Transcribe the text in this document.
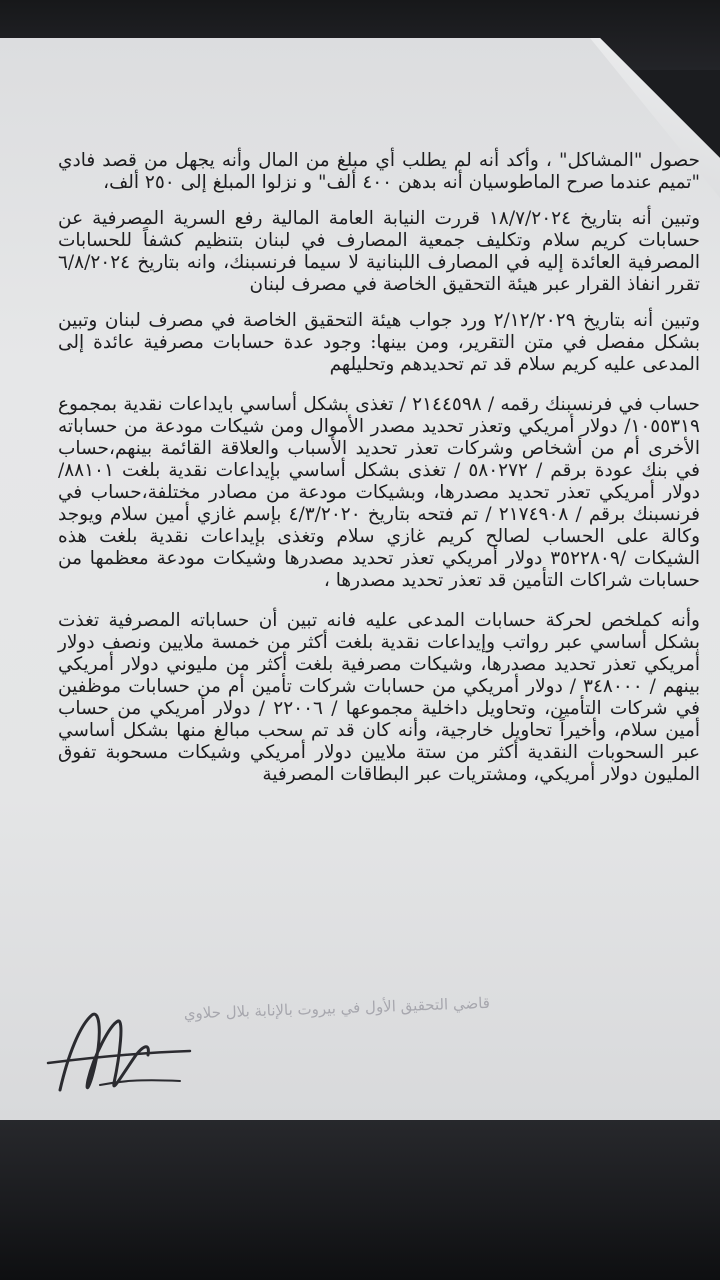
حصول "المشاكل" ، وأكد أنه لم يطلب أي مبلغ من المال وأنه يجهل من قصد فادي "تميم عندما صرح الماطوسيان أنه بدهن ٤٠٠ ألف" و نزلوا المبلغ إلى ٢٥٠ ألف،

وتبين أنه بتاريخ ١٨/٧/٢٠٢٤ قررت النيابة العامة المالية رفع السرية المصرفية عن حسابات كريم سلام وتكليف جمعية المصارف في لبنان بتنظيم كشفاً للحسابات المصرفية العائدة إليه في المصارف اللبنانية لا سيما فرنسبنك، وانه بتاريخ ٦/٨/٢٠٢٤ تقرر انفاذ القرار عبر هيئة التحقيق الخاصة في مصرف لبنان

وتبين أنه بتاريخ ٢/١٢/٢٠٢٩ ورد جواب هيئة التحقيق الخاصة في مصرف لبنان وتبين بشكل مفصل في متن التقرير، ومن بينها: وجود عدة حسابات مصرفية عائدة إلى المدعى عليه كريم سلام قد تم تحديدهم وتحليلهم

حساب في فرنسبنك رقمه / ٢١٤٤٥٩٨ / تغذى بشكل أساسي بايداعات نقدية بمجموع ١٠٥٥٣١٩/ دولار أمريكي وتعذر تحديد مصدر الأموال ومن شيكات مودعة من حساباته الأخرى أم من أشخاص وشركات تعذر تحديد الأسباب والعلاقة القائمة بينهم،حساب في بنك عودة برقم / ٥٨٠٢٧٢ / تغذى بشكل أساسي بإيداعات نقدية بلغت ٨٨١٠١/ دولار أمريكي تعذر تحديد مصدرها، وبشيكات مودعة من مصادر مختلفة،حساب في فرنسبنك برقم / ٢١٧٤٩٠٨ / تم فتحه بتاريخ ٤/٣/٢٠٢٠ بإسم غازي أمين سلام ويوجد وكالة على الحساب لصالح كريم غازي سلام وتغذى بإيداعات نقدية بلغت هذه الشيكات /٣٥٢٢٨٠٩ دولار أمريكي تعذر تحديد مصدرها وشيكات مودعة معظمها من حسابات شراكات التأمين قد تعذر تحديد مصدرها ،

وأنه كملخص لحركة حسابات المدعى عليه فانه تبين أن حساباته المصرفية تغذت بشكل أساسي عبر رواتب وإيداعات نقدية بلغت أكثر من خمسة ملايين ونصف دولار أمريكي تعذر تحديد مصدرها، وشيكات مصرفية بلغت أكثر من مليوني دولار أمريكي بينهم / ٣٤٨٠٠٠ / دولار أمريكي من حسابات شركات تأمين أم من حسابات موظفين في شركات التأمين، وتحاويل داخلية مجموعها / ٢٢٠٠٦ / دولار أمريكي من حساب أمين سلام، وأخيراً تحاويل خارجية، وأنه كان قد تم سحب مبالغ منها بشكل أساسي عبر السحوبات النقدية أكثر من ستة ملايين دولار أمريكي وشيكات مسحوبة تفوق المليون دولار أمريكي، ومشتريات عبر البطاقات المصرفية

قاضي التحقيق الأول في بيروت بالإنابة بلال حلاوي
